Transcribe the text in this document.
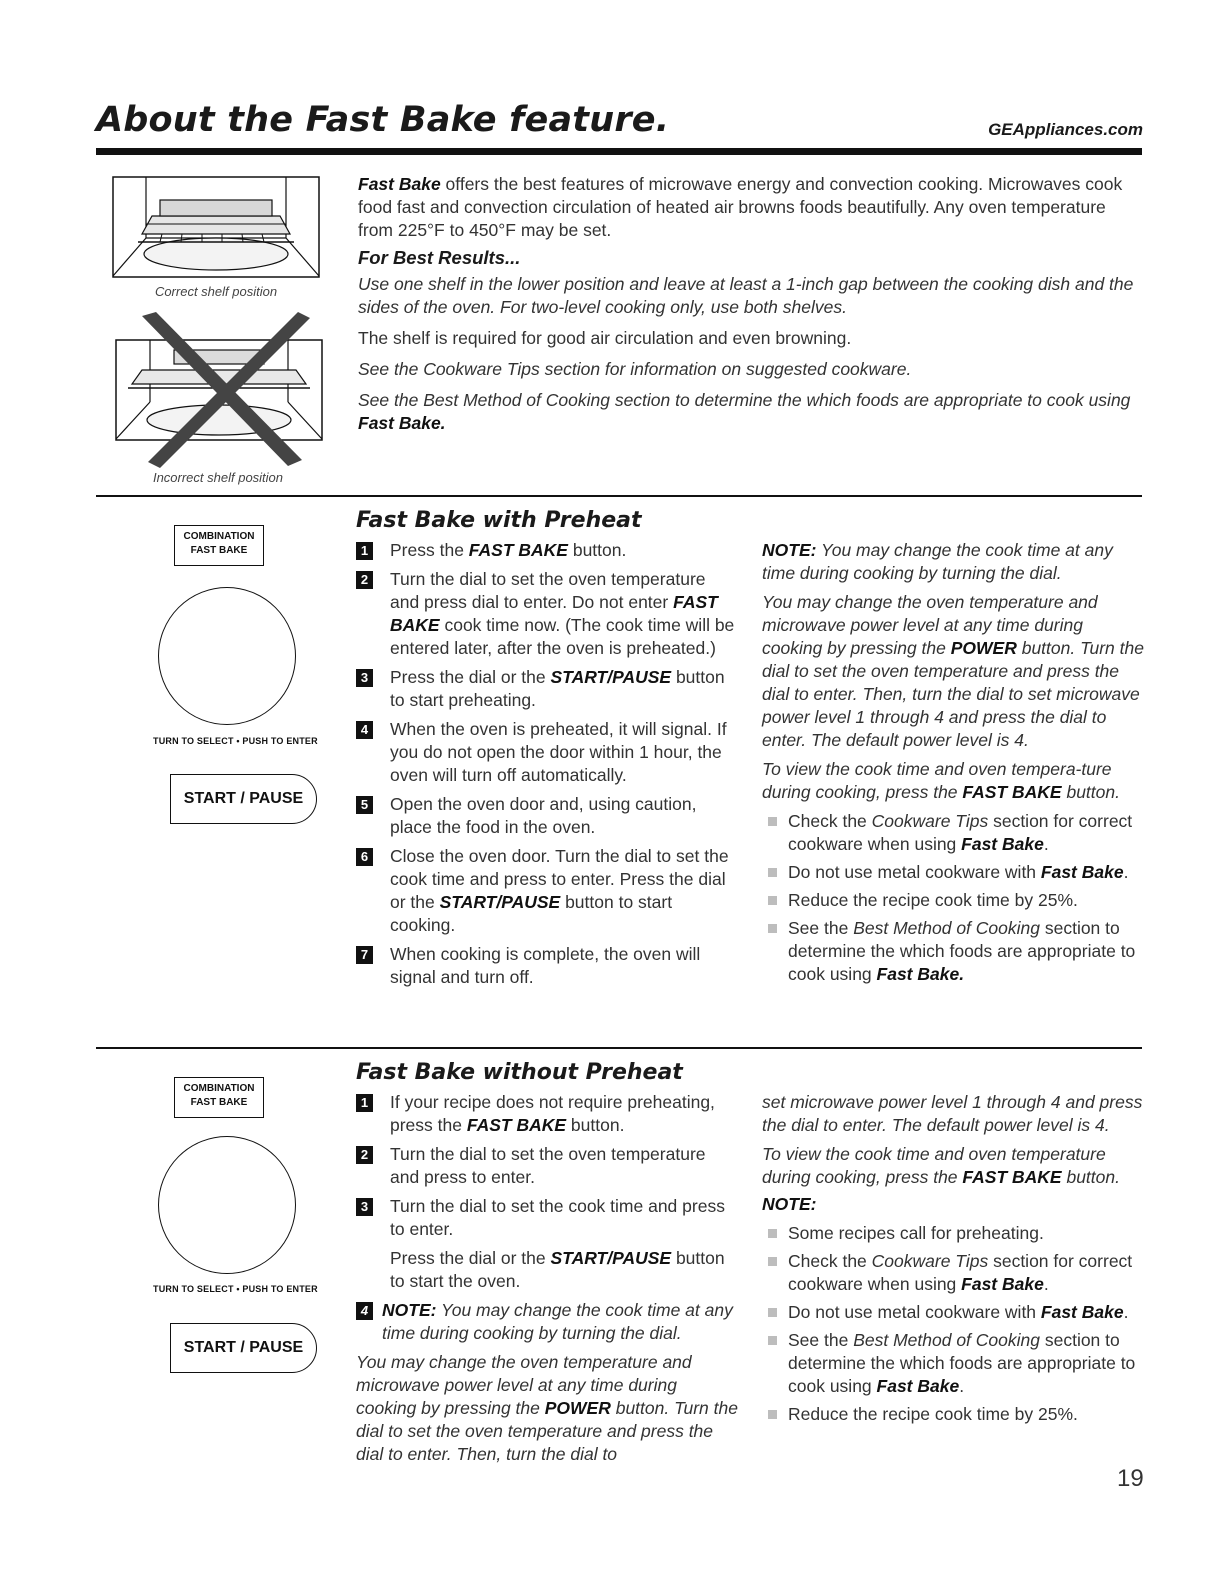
About the Fast Bake feature.	GEAppliances.com
Correct shelf position
Incorrect shelf position

Fast Bake offers the best features of microwave energy and convection cooking. Microwaves cook food fast and convection circulation of heated air browns foods beautifully. Any oven temperature from 225°F to 450°F may be set.

For Best Results...

Use one shelf in the lower position and leave at least a 1-inch gap between the cooking dish and the sides of the oven. For two-level cooking only, use both shelves.

The shelf is required for good air circulation and even browning.

See the Cookware Tips section for information on suggested cookware.

See the Best Method of Cooking section to determine the which foods are appropriate to cook using Fast Bake.

COMBINATION
FAST BAKE
TURN TO SELECT • PUSH TO ENTER
START / PAUSE
Fast Bake with Preheat
1 Press the FAST BAKE button.
2 Turn the dial to set the oven temperature and press dial to enter. Do not enter FAST BAKE cook time now. (The cook time will be entered later, after the oven is preheated.)
3 Press the dial or the START/PAUSE button to start preheating.
4 When the oven is preheated, it will signal. If you do not open the door within 1 hour, the oven will turn off automatically.
5 Open the oven door and, using caution, place the food in the oven.
6 Close the oven door. Turn the dial to set the cook time and press to enter. Press the dial or the START/PAUSE button to start cooking.
7 When cooking is complete, the oven will signal and turn off.

NOTE: You may change the cook time at any time during cooking by turning the dial.

You may change the oven temperature and microwave power level at any time during cooking by pressing the POWER button. Turn the dial to set the oven temperature and press the dial to enter. Then, turn the dial to set microwave power level 1 through 4 and press the dial to enter. The default power level is 4.

To view the cook time and oven tempera-ture during cooking, press the FAST BAKE button.

Check the Cookware Tips section for correct cookware when using Fast Bake.
Do not use metal cookware with Fast Bake.
Reduce the recipe cook time by 25%.
See the Best Method of Cooking section to determine the which foods are appropriate to cook using Fast Bake.
COMBINATION
FAST BAKE
TURN TO SELECT • PUSH TO ENTER
START / PAUSE
Fast Bake without Preheat
1 If your recipe does not require preheating, press the FAST BAKE button.
2 Turn the dial to set the oven temperature and press to enter.
3 Turn the dial to set the cook time and press to enter.
Press the dial or the START/PAUSE button to start the oven.
4 NOTE: You may change the cook time at any time during cooking by turning the dial.

You may change the oven temperature and microwave power level at any time during cooking by pressing the POWER button. Turn the dial to set the oven temperature and press the dial to enter. Then, turn the dial to

set microwave power level 1 through 4 and press the dial to enter. The default power level is 4.

To view the cook time and oven temperature during cooking, press the FAST BAKE button.

NOTE:

Some recipes call for preheating.
Check the Cookware Tips section for correct cookware when using Fast Bake.
Do not use metal cookware with Fast Bake.
See the Best Method of Cooking section to determine the which foods are appropriate to cook using Fast Bake.
Reduce the recipe cook time by 25%.
19
